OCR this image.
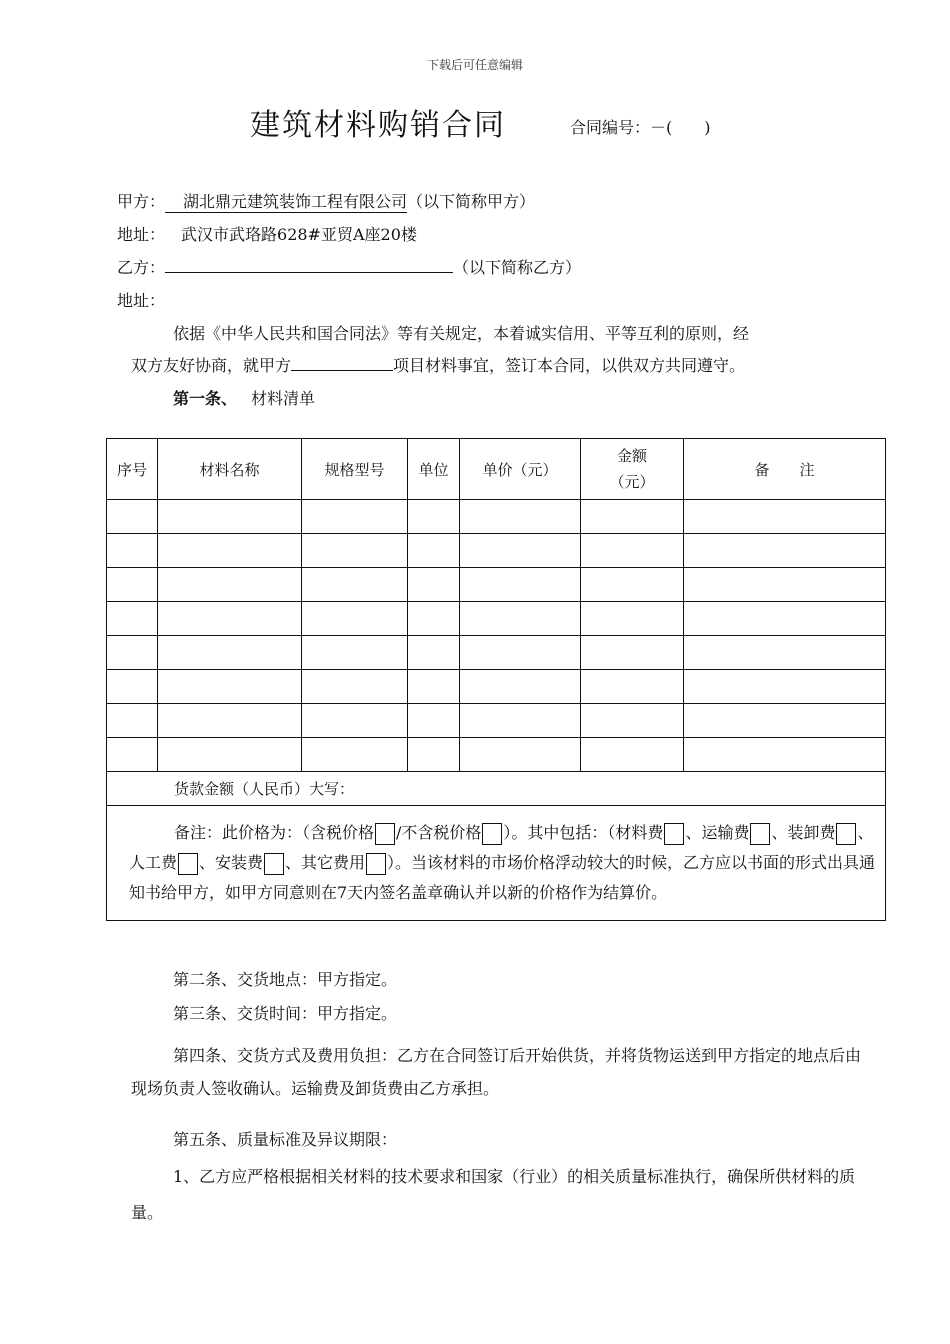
下载后可任意编辑
建筑材料购销合同	合同编号：－(　　)
甲方： 湖北鼎元建筑装饰工程有限公司（以下简称甲方）
地址： 武汉市武珞路628#亚贸A座20楼
乙方：	（以下简称乙方）
地址：
依据《中华人民共和国合同法》等有关规定，本着诚实信用、平等互利的原则，经
双方友好协商，就甲方	项目材料事宜，签订本合同，以供双方共同遵守。
第一条、 材料清单
序号	材料名称	规格型号	单位	单价（元）	金额（元）	备　　注

货款金额（人民币）大写：						
备注：此价格为：（含税价格 /不含税价格 ）。其中包括：（材料费 、运输费 、装卸费 、人工费 、安装费 、其它费用 ）。当该材料的市场价格浮动较大的时候，乙方应以书面的形式出具通知书给甲方，如甲方同意则在7天内签名盖章确认并以新的价格作为结算价。						
第二条、交货地点：甲方指定。
第三条、交货时间：甲方指定。
第四条、交货方式及费用负担：乙方在合同签订后开始供货，并将货物运送到甲方指定的地点后由现场负责人签收确认。运输费及卸货费由乙方承担。
第五条、质量标准及异议期限：
1、乙方应严格根据相关材料的技术要求和国家（行业）的相关质量标准执行，确保所供材料的质量。
